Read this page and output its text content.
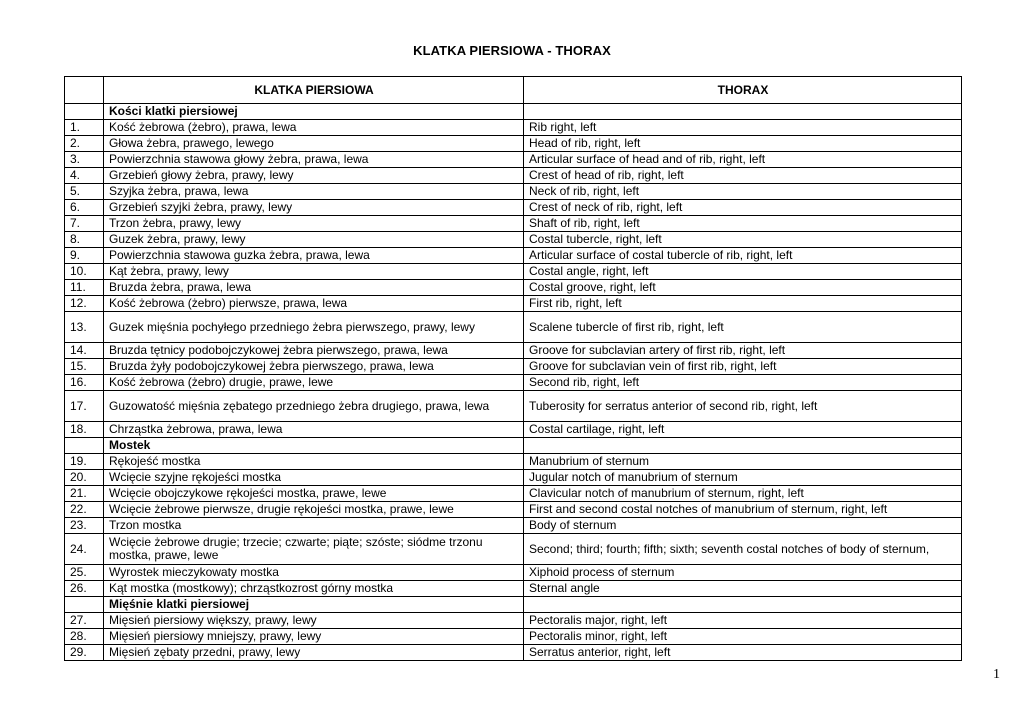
KLATKA PIERSIOWA - THORAX
	KLATKA PIERSIOWA	THORAX
	Kości klatki piersiowej	
1.	Kość żebrowa (żebro), prawa, lewa	Rib right, left
2.	Głowa żebra, prawego, lewego	Head of rib, right, left
3.	Powierzchnia stawowa głowy żebra, prawa, lewa	Articular surface of head and of rib, right, left
4.	Grzebień głowy żebra, prawy, lewy	Crest of head of rib, right, left
5.	Szyjka żebra, prawa, lewa	Neck of rib, right, left
6.	Grzebień szyjki żebra, prawy, lewy	Crest of neck of rib, right, left
7.	Trzon żebra, prawy, lewy	Shaft of rib, right, left
8.	Guzek żebra, prawy, lewy	Costal tubercle, right, left
9.	Powierzchnia stawowa guzka żebra, prawa, lewa	Articular surface of costal tubercle of rib, right, left
10.	Kąt żebra, prawy, lewy	Costal angle, right, left
11.	Bruzda żebra, prawa, lewa	Costal groove, right, left
12.	Kość żebrowa (żebro) pierwsze, prawa, lewa	First rib, right, left
13.	Guzek mięśnia pochyłego przedniego żebra pierwszego, prawy, lewy	Scalene tubercle of first rib, right, left
14.	Bruzda tętnicy podobojczykowej żebra pierwszego, prawa, lewa	Groove for subclavian artery of first rib, right, left
15.	Bruzda żyły podobojczykowej żebra pierwszego, prawa, lewa	Groove for subclavian vein of first rib, right, left
16.	Kość żebrowa (żebro) drugie, prawe, lewe	Second rib, right, left
17.	Guzowatość mięśnia zębatego przedniego żebra drugiego, prawa, lewa	Tuberosity for serratus anterior of second rib, right, left
18.	Chrząstka żebrowa, prawa, lewa	Costal cartilage, right, left
	Mostek	
19.	Rękojeść mostka	Manubrium of sternum
20.	Wcięcie szyjne rękojeści mostka	Jugular notch of manubrium of sternum
21.	Wcięcie obojczykowe rękojeści mostka, prawe, lewe	Clavicular notch of manubrium of sternum, right, left
22.	Wcięcie żebrowe pierwsze, drugie rękojeści mostka, prawe, lewe	First and second costal notches of manubrium of sternum, right, left
23.	Trzon mostka	Body of sternum
24.	Wcięcie żebrowe drugie; trzecie; czwarte; piąte; szóste; siódme trzonu mostka, prawe, lewe	Second; third; fourth; fifth; sixth; seventh costal notches of body of sternum,
25.	Wyrostek mieczykowaty mostka	Xiphoid process of sternum
26.	Kąt mostka (mostkowy); chrząstkozrost górny mostka	Sternal angle
	Mięśnie klatki piersiowej	
27.	Mięsień piersiowy większy, prawy, lewy	Pectoralis major, right, left
28.	Mięsień piersiowy mniejszy, prawy, lewy	Pectoralis minor, right, left
29.	Mięsień zębaty przedni, prawy, lewy	Serratus anterior, right, left
1
